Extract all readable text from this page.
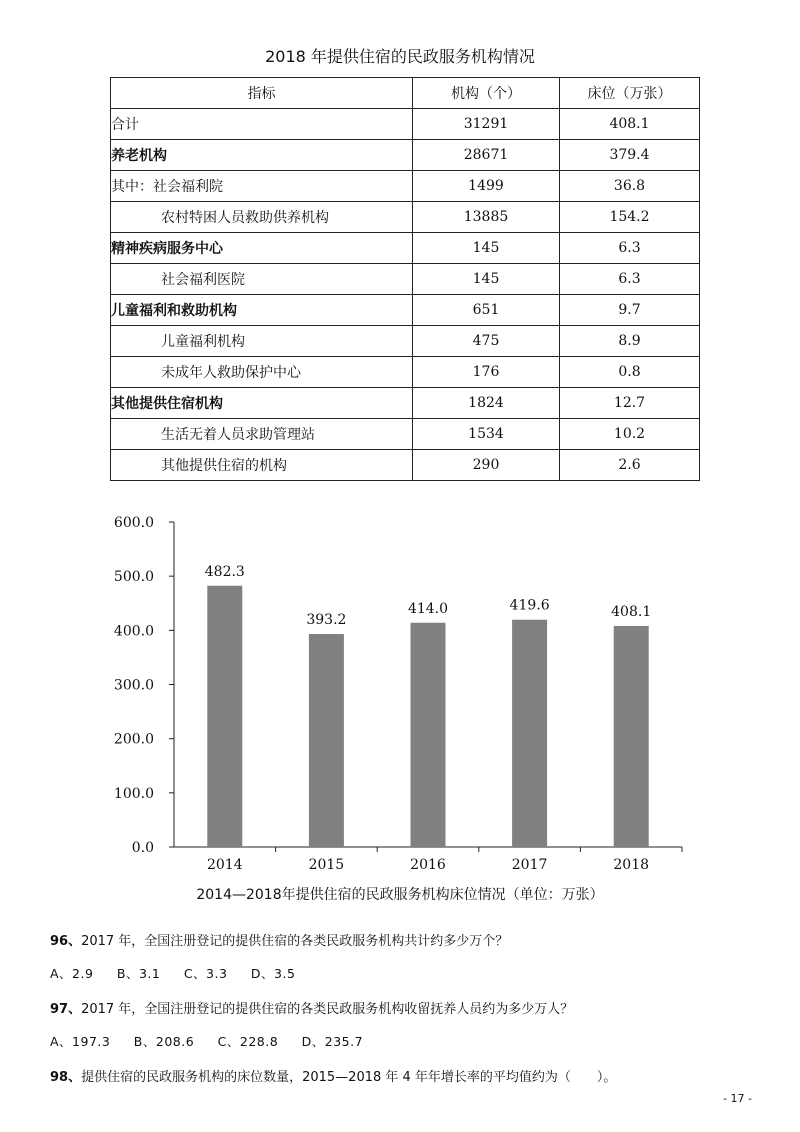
2018 年提供住宿的民政服务机构情况
指标	机构（个）	床位（万张）
合计	31291	408.1
养老机构	28671	379.4
其中：社会福利院	1499	36.8
农村特困人员救助供养机构	13885	154.2
精神疾病服务中心	145	6.3
社会福利医院	145	6.3
儿童福利和救助机构	651	9.7
儿童福利机构	475	8.9
未成年人救助保护中心	176	0.8
其他提供住宿机构	1824	12.7
生活无着人员求助管理站	1534	10.2
其他提供住宿的机构	290	2.6
0.0
100.0
200.0
300.0
400.0
500.0
600.0
482.3
2014
393.2
2015
414.0
2016
419.6
2017
408.1
2018
2014—2018年提供住宿的民政服务机构床位情况（单位：万张）
96、2017 年，全国注册登记的提供住宿的各类民政服务机构共计约多少万个？
A、2.9　 B、3.1　 C、3.3　 D、3.5
97、2017 年，全国注册登记的提供住宿的各类民政服务机构收留抚养人员约为多少万人？
A、197.3　 B、208.6　 C、228.8　 D、235.7
98、提供住宿的民政服务机构的床位数量，2015—2018 年 4 年年增长率的平均值约为（　　）。
- 17 -
